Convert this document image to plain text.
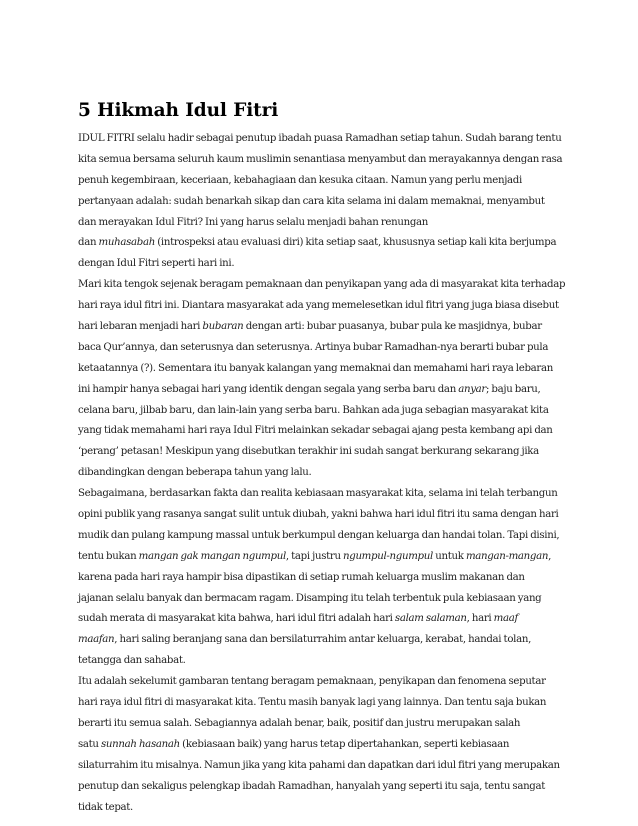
5 Hikmah Idul Fitri
IDUL FITRI selalu hadir sebagai penutup ibadah puasa Ramadhan setiap tahun. Sudah barang tentu
kita semua bersama seluruh kaum muslimin senantiasa menyambut dan merayakannya dengan rasa
penuh kegembiraan, keceriaan, kebahagiaan dan kesuka citaan. Namun yang perlu menjadi
pertanyaan adalah: sudah benarkah sikap dan cara kita selama ini dalam memaknai, menyambut
dan merayakan Idul Fitri? Ini yang harus selalu menjadi bahan renungan
dan muhasabah (introspeksi atau evaluasi diri) kita setiap saat, khususnya setiap kali kita berjumpa
dengan Idul Fitri seperti hari ini.
Mari kita tengok sejenak beragam pemaknaan dan penyikapan yang ada di masyarakat kita terhadap
hari raya idul fitri ini. Diantara masyarakat ada yang memelesetkan idul fitri yang juga biasa disebut
hari lebaran menjadi hari bubaran dengan arti: bubar puasanya, bubar pula ke masjidnya, bubar
baca Qur’annya, dan seterusnya dan seterusnya. Artinya bubar Ramadhan-nya berarti bubar pula
ketaatannya (?). Sementara itu banyak kalangan yang memaknai dan memahami hari raya lebaran
ini hampir hanya sebagai hari yang identik dengan segala yang serba baru dan anyar; baju baru,
celana baru, jilbab baru, dan lain-lain yang serba baru. Bahkan ada juga sebagian masyarakat kita
yang tidak memahami hari raya Idul Fitri melainkan sekadar sebagai ajang pesta kembang api dan
‘perang’ petasan! Meskipun yang disebutkan terakhir ini sudah sangat berkurang sekarang jika
dibandingkan dengan beberapa tahun yang lalu.
Sebagaimana, berdasarkan fakta dan realita kebiasaan masyarakat kita, selama ini telah terbangun
opini publik yang rasanya sangat sulit untuk diubah, yakni bahwa hari idul fitri itu sama dengan hari
mudik dan pulang kampung massal untuk berkumpul dengan keluarga dan handai tolan. Tapi disini,
tentu bukan mangan gak mangan ngumpul, tapi justru ngumpul-ngumpul untuk mangan-mangan,
karena pada hari raya hampir bisa dipastikan di setiap rumah keluarga muslim makanan dan
jajanan selalu banyak dan bermacam ragam. Disamping itu telah terbentuk pula kebiasaan yang
sudah merata di masyarakat kita bahwa, hari idul fitri adalah hari salam salaman, hari maaf
maafan, hari saling beranjang sana dan bersilaturrahim antar keluarga, kerabat, handai tolan,
tetangga dan sahabat.
Itu adalah sekelumit gambaran tentang beragam pemaknaan, penyikapan dan fenomena seputar
hari raya idul fitri di masyarakat kita. Tentu masih banyak lagi yang lainnya. Dan tentu saja bukan
berarti itu semua salah. Sebagiannya adalah benar, baik, positif dan justru merupakan salah
satu sunnah hasanah (kebiasaan baik) yang harus tetap dipertahankan, seperti kebiasaan
silaturrahim itu misalnya. Namun jika yang kita pahami dan dapatkan dari idul fitri yang merupakan
penutup dan sekaligus pelengkap ibadah Ramadhan, hanyalah yang seperti itu saja, tentu sangat
tidak tepat.
